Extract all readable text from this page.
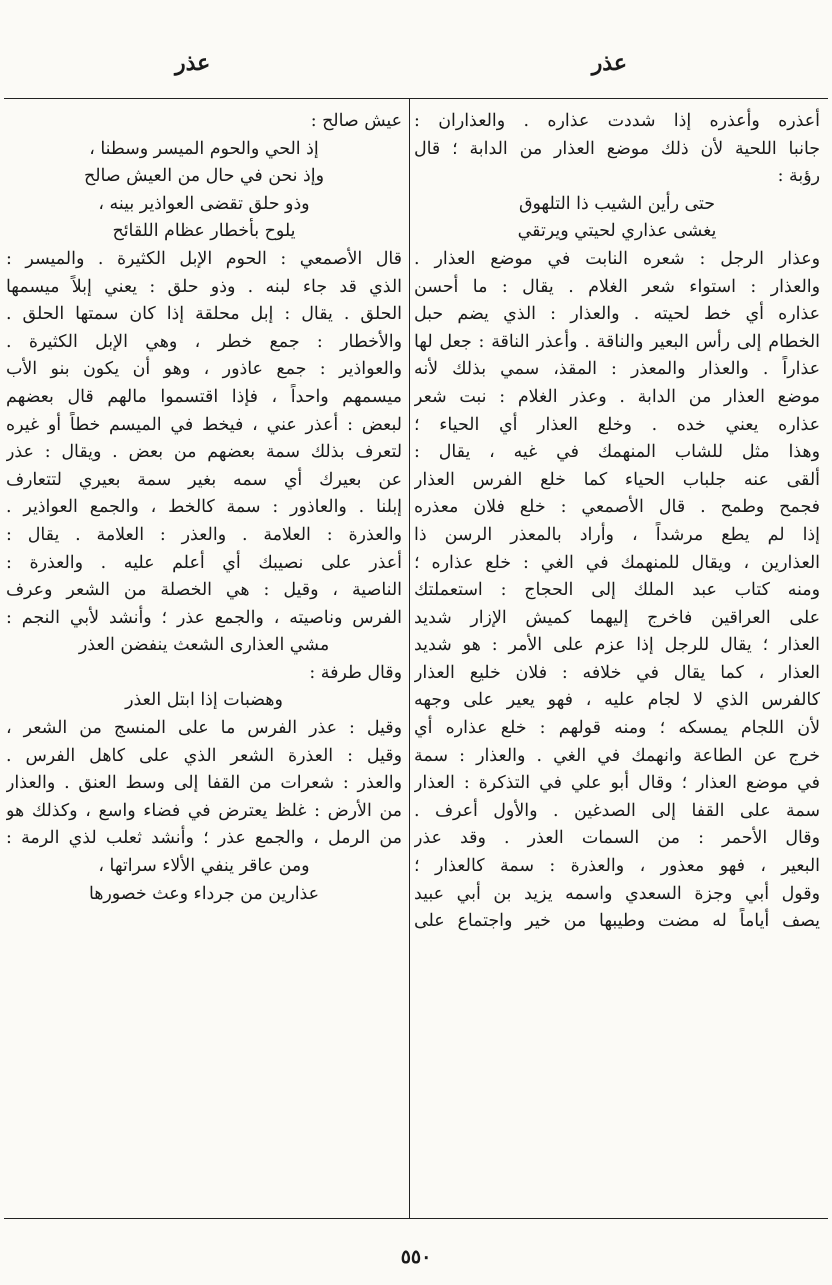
عذر
عذر
أعذره وأعذره إذا شددت عذاره . والعذاران :
جانبا اللحية لأن ذلك موضع العذار من الدابة ؛ قال
رؤبة :
حتى رأين الشيب ذا التلهوق
يغشى عذاري لحيتي ويرتقي
وعذار الرجل : شعره النابت في موضع العذار .
والعذار : استواء شعر الغلام . يقال : ما أحسن
عذاره أي خط لحيته . والعذار : الذي يضم حبل
الخطام إلى رأس البعير والناقة . وأعذر الناقة : جعل لها
عذاراً . والعذار والمعذر : المقذ، سمي بذلك لأنه
موضع العذار من الدابة . وعذر الغلام : نبت شعر
عذاره يعني خده . وخلع العذار أي الحياء ؛
وهذا مثل للشاب المنهمك في غيه ، يقال :
ألقى عنه جلباب الحياء كما خلع الفرس العذار
فجمح وطمح . قال الأصمعي : خلع فلان معذره
إذا لم يطع مرشداً ، وأراد بالمعذر الرسن ذا
العذارين ، ويقال للمنهمك في الغي : خلع عذاره ؛
ومنه كتاب عبد الملك إلى الحجاج : استعملتك
على العراقين فاخرج إليهما كميش الإزار شديد
العذار ؛ يقال للرجل إذا عزم على الأمر : هو شديد
العذار ، كما يقال في خلافه : فلان خليع العذار
كالفرس الذي لا لجام عليه ، فهو يعير على وجهه
لأن اللجام يمسكه ؛ ومنه قولهم : خلع عذاره أي
خرج عن الطاعة وانهمك في الغي . والعذار : سمة
في موضع العذار ؛ وقال أبو علي في التذكرة : العذار
سمة على القفا إلى الصدغين . والأول أعرف .
وقال الأحمر : من السمات العذر . وقد عذر
البعير ، فهو معذور ، والعذرة : سمة كالعذار ؛
وقول أبي وجزة السعدي واسمه يزيد بن أبي عبيد
يصف أياماً له مضت وطيبها من خير واجتماع على
عيش صالح :
إذ الحي والحوم الميسر وسطنا ،
وإذ نحن في حال من العيش صالح
وذو حلق تقضى العواذير بينه ،
يلوح بأخطار عظام اللقائح
قال الأصمعي : الحوم الإبل الكثيرة . والميسر :
الذي قد جاء لبنه . وذو حلق : يعني إبلاً ميسمها
الحلق . يقال : إبل محلقة إذا كان سمتها الحلق .
والأخطار : جمع خطر ، وهي الإبل الكثيرة .
والعواذير : جمع عاذور ، وهو أن يكون بنو الأب
ميسمهم واحداً ، فإذا اقتسموا مالهم قال بعضهم
لبعض : أعذر عني ، فيخط في الميسم خطاً أو غيره
لتعرف بذلك سمة بعضهم من بعض . ويقال : عذر
عن بعيرك أي سمه بغير سمة بعيري لتتعارف
إبلنا . والعاذور : سمة كالخط ، والجمع العواذير .
والعذرة : العلامة . والعذر : العلامة . يقال :
أعذر على نصيبك أي أعلم عليه . والعذرة :
الناصية ، وقيل : هي الخصلة من الشعر وعرف
الفرس وناصيته ، والجمع عذر ؛ وأنشد لأبي النجم :
مشي العذارى الشعث ينفضن العذر
وقال طرفة :
وهضبات إذا ابتل العذر
وقيل : عذر الفرس ما على المنسج من الشعر ،
وقيل : العذرة الشعر الذي على كاهل الفرس .
والعذر : شعرات من القفا إلى وسط العنق . والعذار
من الأرض : غلظ يعترض في فضاء واسع ، وكذلك هو
من الرمل ، والجمع عذر ؛ وأنشد ثعلب لذي الرمة :
ومن عاقر ينفي الألاء سراتها ،
عذارين من جرداء وعث خصورها
٥٥٠
